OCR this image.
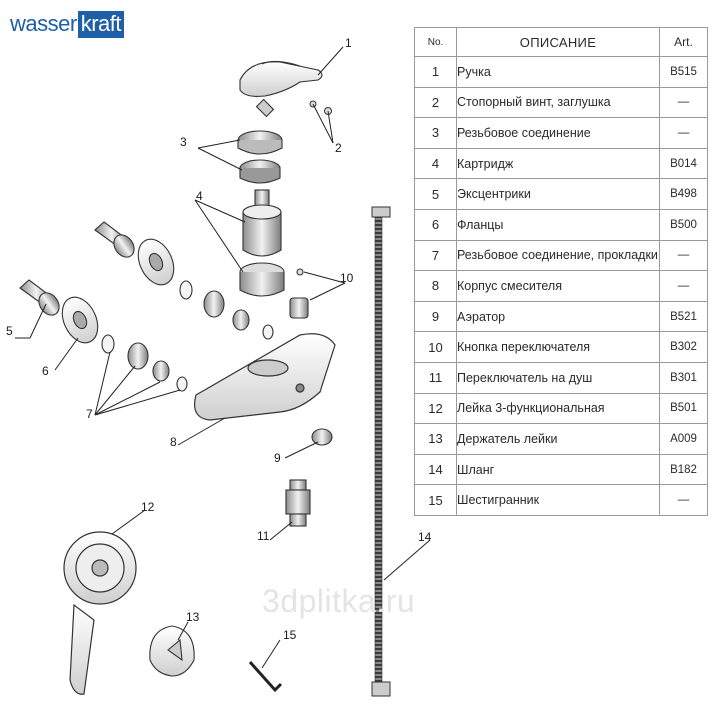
1
2
3
4
10
5
6
7
8
9
11
12
13
14
15
wasser kraft
3dplitka.ru
No.	ОПИСАНИЕ	Art.
1	Ручка	B515
2	Стопорный винт, заглушка	—
3	Резьбовое соединение	—
4	Картридж	B014
5	Эксцентрики	B498
6	Фланцы	B500
7	Резьбовое соединение, прокладки	—
8	Корпус смесителя	—
9	Аэратор	B521
10	Кнопка переключателя	B302
11	Переключатель на душ	B301
12	Лейка 3-функциональная	B501
13	Держатель лейки	A009
14	Шланг	B182
15	Шестигранник	—
